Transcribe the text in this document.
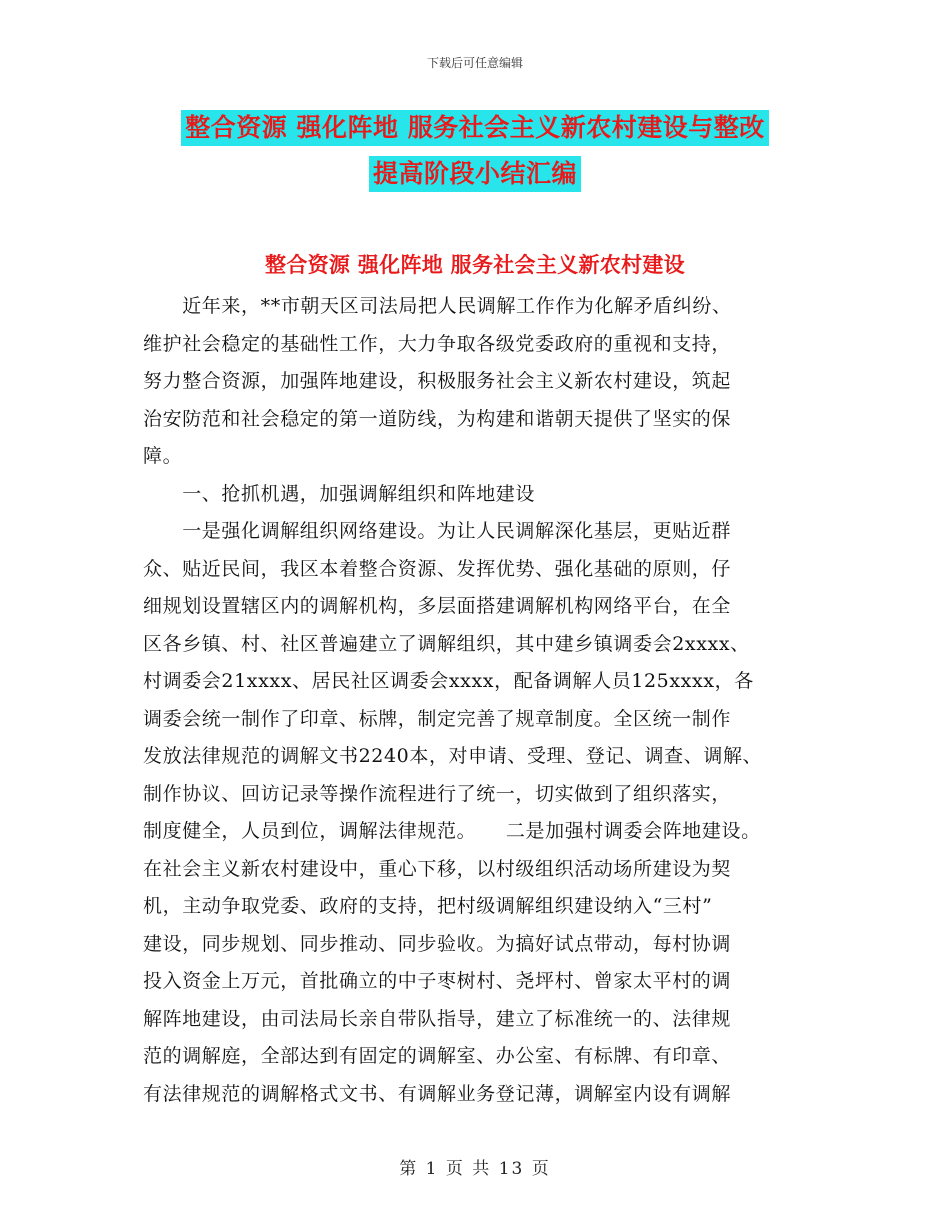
下载后可任意编辑
整合资源 强化阵地 服务社会主义新农村建设与整改
提高阶段小结汇编
整合资源 强化阵地 服务社会主义新农村建设
　　近年来，**市朝天区司法局把人民调解工作作为化解矛盾纠纷、
维护社会稳定的基础性工作，大力争取各级党委政府的重视和支持，
努力整合资源，加强阵地建设，积极服务社会主义新农村建设，筑起
治安防范和社会稳定的第一道防线，为构建和谐朝天提供了坚实的保
障。
　　一、抢抓机遇，加强调解组织和阵地建设
　　一是强化调解组织网络建设。为让人民调解深化基层，更贴近群
众、贴近民间，我区本着整合资源、发挥优势、强化基础的原则，仔
细规划设置辖区内的调解机构，多层面搭建调解机构网络平台，在全
区各乡镇、村、社区普遍建立了调解组织，其中建乡镇调委会2xxxx、
村调委会21xxxx、居民社区调委会xxxx，配备调解人员125xxxx，各
调委会统一制作了印章、标牌，制定完善了规章制度。全区统一制作
发放法律规范的调解文书2240本，对申请、受理、登记、调查、调解、
制作协议、回访记录等操作流程进行了统一，切实做到了组织落实，
制度健全，人员到位，调解法律规范。　　二是加强村调委会阵地建设。
在社会主义新农村建设中，重心下移，以村级组织活动场所建设为契
机，主动争取党委、政府的支持，把村级调解组织建设纳入“三村”
建设，同步规划、同步推动、同步验收。为搞好试点带动，每村协调
投入资金上万元，首批确立的中子枣树村、尧坪村、曾家太平村的调
解阵地建设，由司法局长亲自带队指导，建立了标准统一的、法律规
范的调解庭，全部达到有固定的调解室、办公室、有标牌、有印章、
有法律规范的调解格式文书、有调解业务登记薄，调解室内设有调解
第 1 页 共 13 页
